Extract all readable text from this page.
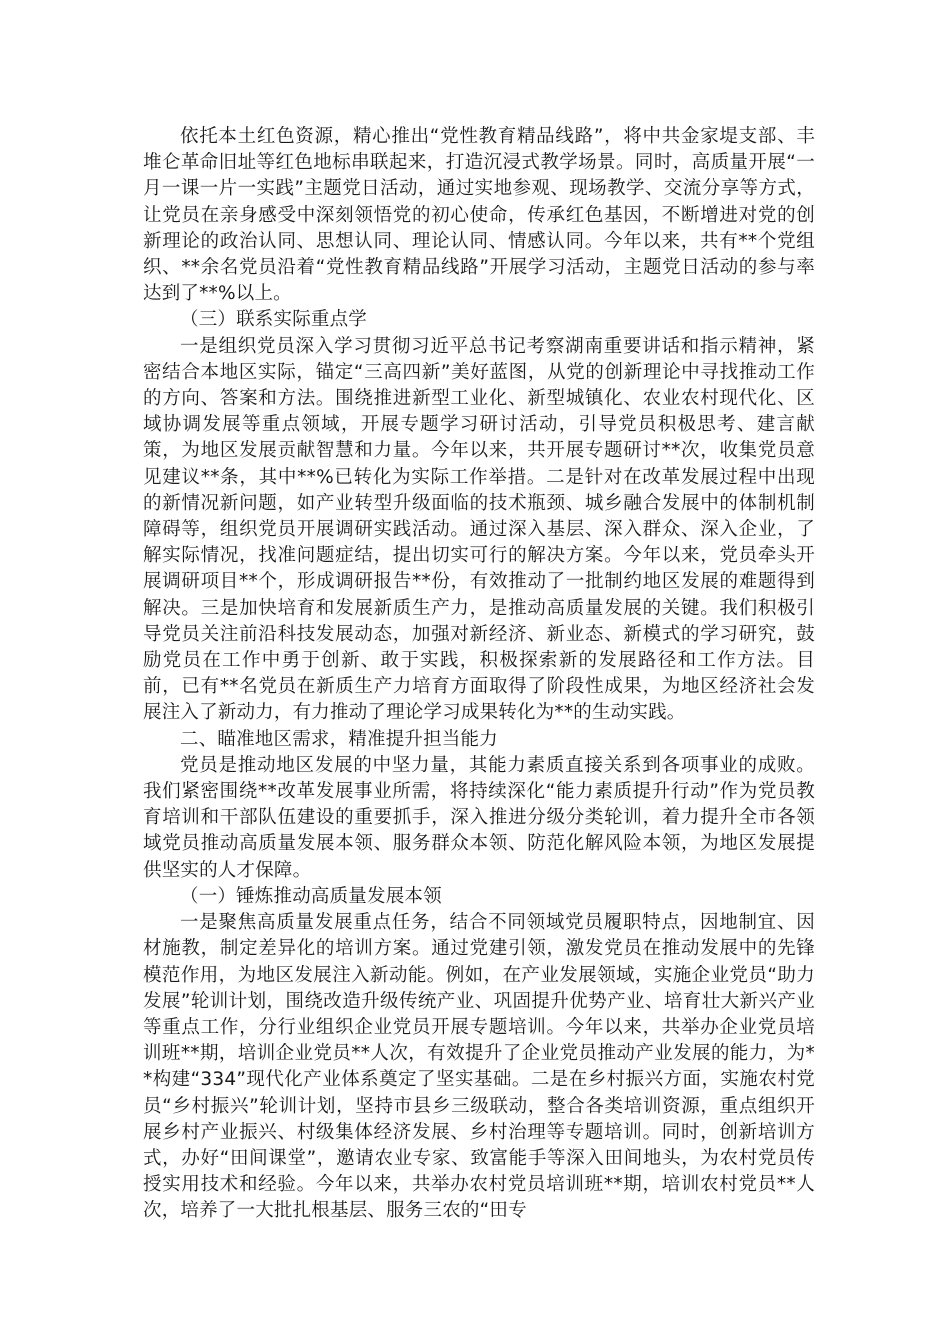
依托本土红色资源，精心推出“党性教育精品线路”，将中共金家堤支部、丰堆仑革命旧址等红色地标串联起来，打造沉浸式教学场景。同时，高质量开展“一月一课一片一实践”主题党日活动，通过实地参观、现场教学、交流分享等方式，让党员在亲身感受中深刻领悟党的初心使命，传承红色基因，不断增进对党的创新理论的政治认同、思想认同、理论认同、情感认同。今年以来，共有**个党组织、**余名党员沿着“党性教育精品线路”开展学习活动，主题党日活动的参与率达到了**%以上。

（三）联系实际重点学

一是组织党员深入学习贯彻习近平总书记考察湖南重要讲话和指示精神，紧密结合本地区实际，锚定“三高四新”美好蓝图，从党的创新理论中寻找推动工作的方向、答案和方法。围绕推进新型工业化、新型城镇化、农业农村现代化、区域协调发展等重点领域，开展专题学习研讨活动，引导党员积极思考、建言献策，为地区发展贡献智慧和力量。今年以来，共开展专题研讨**次，收集党员意见建议**条，其中**%已转化为实际工作举措。二是针对在改革发展过程中出现的新情况新问题，如产业转型升级面临的技术瓶颈、城乡融合发展中的体制机制障碍等，组织党员开展调研实践活动。通过深入基层、深入群众、深入企业，了解实际情况，找准问题症结，提出切实可行的解决方案。今年以来，党员牵头开展调研项目**个，形成调研报告**份，有效推动了一批制约地区发展的难题得到解决。三是加快培育和发展新质生产力，是推动高质量发展的关键。我们积极引导党员关注前沿科技发展动态，加强对新经济、新业态、新模式的学习研究，鼓励党员在工作中勇于创新、敢于实践，积极探索新的发展路径和工作方法。目前，已有**名党员在新质生产力培育方面取得了阶段性成果，为地区经济社会发展注入了新动力，有力推动了理论学习成果转化为**的生动实践。

二、瞄准地区需求，精准提升担当能力

党员是推动地区发展的中坚力量，其能力素质直接关系到各项事业的成败。我们紧密围绕**改革发展事业所需，将持续深化“能力素质提升行动”作为党员教育培训和干部队伍建设的重要抓手，深入推进分级分类轮训，着力提升全市各领域党员推动高质量发展本领、服务群众本领、防范化解风险本领，为地区发展提供坚实的人才保障。

（一）锤炼推动高质量发展本领

一是聚焦高质量发展重点任务，结合不同领域党员履职特点，因地制宜、因材施教，制定差异化的培训方案。通过党建引领，激发党员在推动发展中的先锋模范作用，为地区发展注入新动能。例如，在产业发展领域，实施企业党员“助力发展”轮训计划，围绕改造升级传统产业、巩固提升优势产业、培育壮大新兴产业等重点工作，分行业组织企业党员开展专题培训。今年以来，共举办企业党员培训班**期，培训企业党员**人次，有效提升了企业党员推动产业发展的能力，为**构建“334”现代化产业体系奠定了坚实基础。二是在乡村振兴方面，实施农村党员“乡村振兴”轮训计划，坚持市县乡三级联动，整合各类培训资源，重点组织开展乡村产业振兴、村级集体经济发展、乡村治理等专题培训。同时，创新培训方式，办好“田间课堂”，邀请农业专家、致富能手等深入田间地头，为农村党员传授实用技术和经验。今年以来，共举办农村党员培训班**期，培训农村党员**人次，培养了一大批扎根基层、服务三农的“田专
